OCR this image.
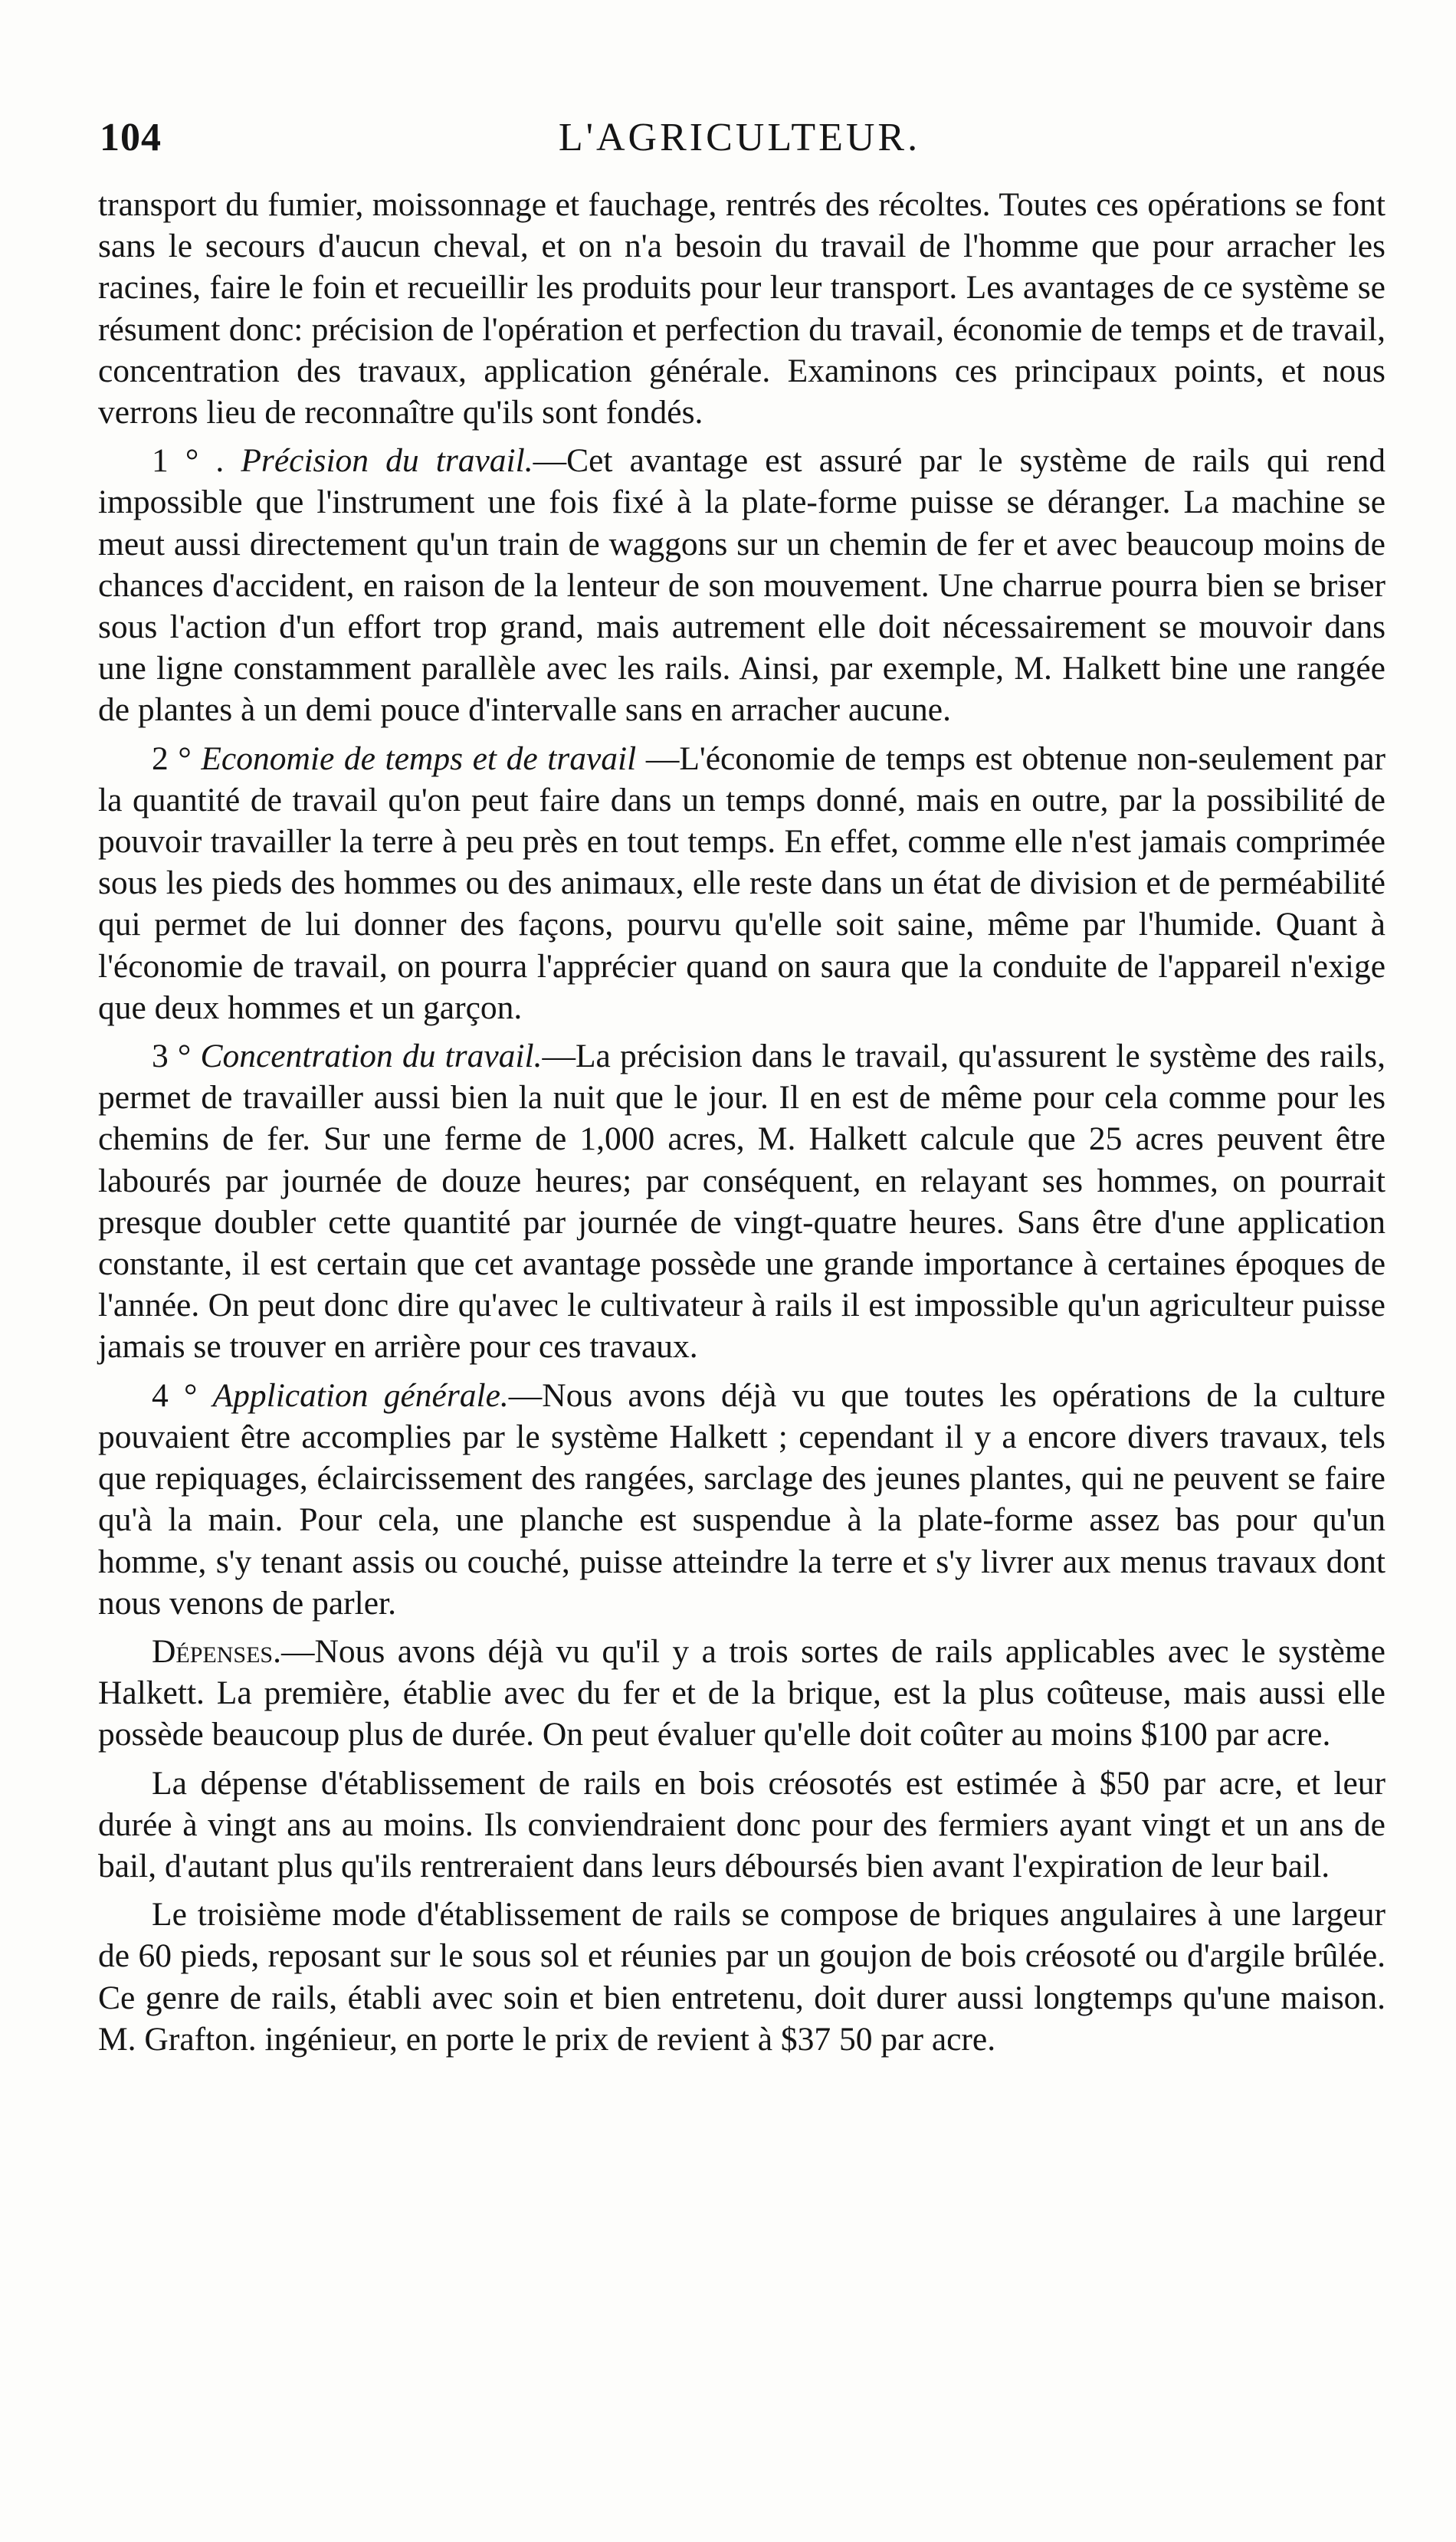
104	L'AGRICULTEUR.

transport du fumier, moissonnage et fauchage, rentrés des récoltes. Toutes ces opérations se font sans le secours d'aucun cheval, et on n'a besoin du travail de l'homme que pour arracher les racines, faire le foin et recueillir les produits pour leur transport. Les avantages de ce système se résument donc: précision de l'opération et perfection du travail, économie de temps et de travail, concentration des travaux, application générale. Examinons ces principaux points, et nous verrons lieu de reconnaître qu'ils sont fondés.

1 ° . Précision du travail.—Cet avantage est assuré par le système de rails qui rend impossible que l'instrument une fois fixé à la plate-forme puisse se déranger. La machine se meut aussi directement qu'un train de waggons sur un chemin de fer et avec beaucoup moins de chances d'accident, en raison de la lenteur de son mouvement. Une charrue pourra bien se briser sous l'action d'un effort trop grand, mais autrement elle doit nécessairement se mouvoir dans une ligne constamment parallèle avec les rails. Ainsi, par exemple, M. Halkett bine une rangée de plantes à un demi pouce d'intervalle sans en arracher aucune.

2 ° Economie de temps et de travail —L'économie de temps est obtenue non-seulement par la quantité de travail qu'on peut faire dans un temps donné, mais en outre, par la possibilité de pouvoir travailler la terre à peu près en tout temps. En effet, comme elle n'est jamais comprimée sous les pieds des hommes ou des animaux, elle reste dans un état de division et de perméabilité qui permet de lui donner des façons, pourvu qu'elle soit saine, même par l'humide. Quant à l'économie de travail, on pourra l'apprécier quand on saura que la conduite de l'appareil n'exige que deux hommes et un garçon.

3 ° Concentration du travail.—La précision dans le travail, qu'assurent le système des rails, permet de travailler aussi bien la nuit que le jour. Il en est de même pour cela comme pour les chemins de fer. Sur une ferme de 1,000 acres, M. Halkett calcule que 25 acres peuvent être labourés par journée de douze heures; par conséquent, en relayant ses hommes, on pourrait presque doubler cette quantité par journée de vingt-quatre heures. Sans être d'une application constante, il est certain que cet avantage possède une grande importance à certaines époques de l'année. On peut donc dire qu'avec le cultivateur à rails il est impossible qu'un agriculteur puisse jamais se trouver en arrière pour ces travaux.

4 ° Application générale.—Nous avons déjà vu que toutes les opérations de la culture pouvaient être accomplies par le système Halkett ; cependant il y a encore divers travaux, tels que repiquages, éclaircissement des rangées, sarclage des jeunes plantes, qui ne peuvent se faire qu'à la main. Pour cela, une planche est suspendue à la plate-forme assez bas pour qu'un homme, s'y tenant assis ou couché, puisse atteindre la terre et s'y livrer aux menus travaux dont nous venons de parler.

Dépenses.—Nous avons déjà vu qu'il y a trois sortes de rails applicables avec le système Halkett. La première, établie avec du fer et de la brique, est la plus coûteuse, mais aussi elle possède beaucoup plus de durée. On peut évaluer qu'elle doit coûter au moins $100 par acre.

La dépense d'établissement de rails en bois créosotés est estimée à $50 par acre, et leur durée à vingt ans au moins. Ils conviendraient donc pour des fermiers ayant vingt et un ans de bail, d'autant plus qu'ils rentreraient dans leurs déboursés bien avant l'expiration de leur bail.

Le troisième mode d'établissement de rails se compose de briques angulaires à une largeur de 60 pieds, reposant sur le sous sol et réunies par un goujon de bois créosoté ou d'argile brûlée. Ce genre de rails, établi avec soin et bien entretenu, doit durer aussi longtemps qu'une maison. M. Grafton. ingénieur, en porte le prix de revient à $37 50 par acre.
